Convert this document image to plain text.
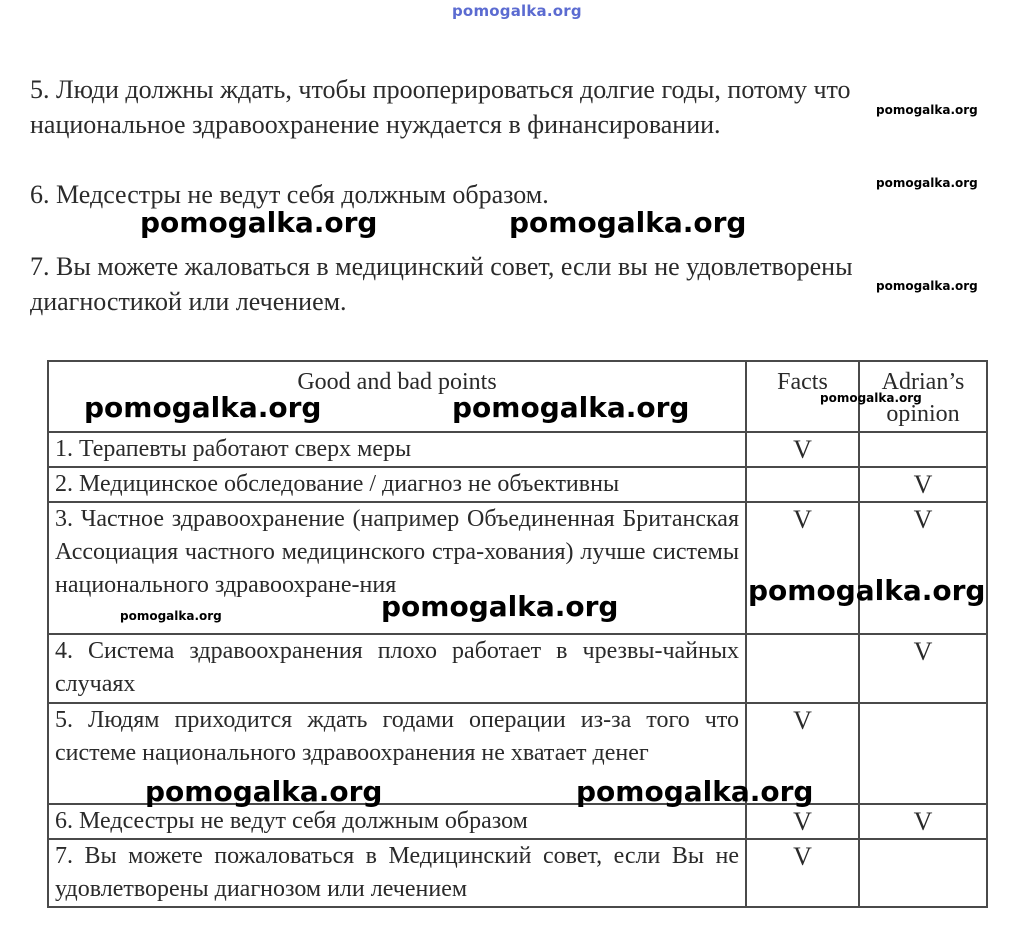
pomogalka.org
5. Люди должны ждать, чтобы прооперироваться долгие годы, потому что
национальное здравоохранение нуждается в финансировании.
6. Медсестры не ведут себя должным образом.
7. Вы можете жаловаться в медицинский совет, если вы не удовлетворены
диагностикой или лечением.
Good and bad points	Facts	Adrian’s opinion
1. Терапевты работают сверх меры	V	
2. Медицинское обследование / диагноз не объективны		V
3. Частное здравоохранение (например Объединенная Британская Ассоциация частного медицинского стра-хования) лучше системы национального здравоохране-ния	V	V
4. Система здравоохранения плохо работает в чрезвы-чайных случаях		V
5. Людям приходится ждать годами операции из-за того что системе национального здравоохранения не хватает денег	V	
6. Медсестры не ведут себя должным образом	V	V
7. Вы можете пожаловаться в Медицинский совет, если Вы не удовлетворены диагнозом или лечением	V	
pomogalka.org
pomogalka.org
pomogalka.org	pomogalka.org
pomogalka.org
pomogalka.org	pomogalka.org	pomogalka.org
pomogalka.org
pomogalka.org
pomogalka.org
pomogalka.org	pomogalka.org
